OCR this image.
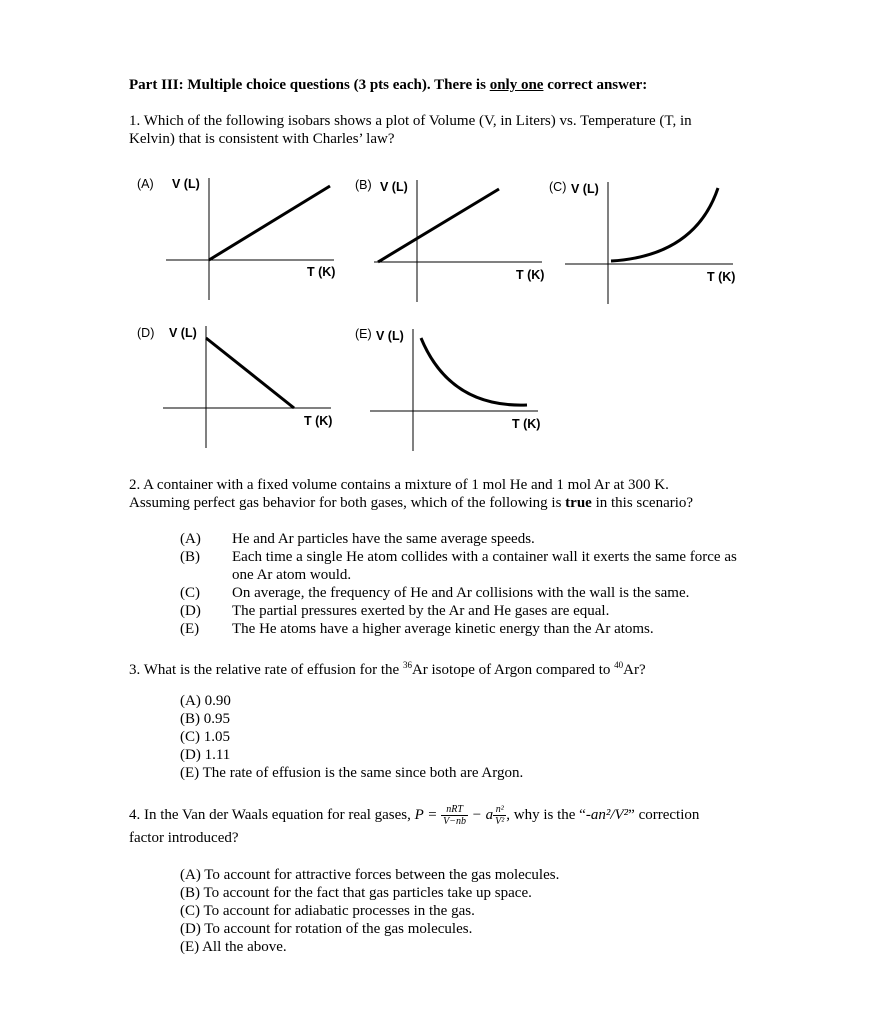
Part III: Multiple choice questions (3 pts each). There is only one correct answer:
1. Which of the following isobars shows a plot of Volume (V, in Liters) vs. Temperature (T, in
Kelvin) that is consistent with Charles’ law?
(A) V (L)
T (K)
(B) V (L)
T (K)
(C) V (L)
T (K)
(D) V (L)
T (K)
(E) V (L)
T (K)
2. A container with a fixed volume contains a mixture of 1 mol He and 1 mol Ar at 300 K.
Assuming perfect gas behavior for both gases, which of the following is true in this scenario?
(A)	He and Ar particles have the same average speeds.
(B)	Each time a single He atom collides with a container wall it exerts the same force as one Ar atom would.
(C)	On average, the frequency of He and Ar collisions with the wall is the same.
(D)	The partial pressures exerted by the Ar and He gases are equal.
(E)	The He atoms have a higher average kinetic energy than the Ar atoms.
3. What is the relative rate of effusion for the $^{36}$Ar isotope of Argon compared to $^{40}$Ar?
(A) 0.90
(B) 0.95
(C) 1.05
(D) 1.11
(E) The rate of effusion is the same since both are Argon.
4. In the Van der Waals equation for real gases, $P = \frac{\text{nRT}}{V-nb} - a \frac{\text{n²}}{\text{V²}}$ , why is the “-an²/V²” correction
factor introduced?
(A) To account for attractive forces between the gas molecules.
(B) To account for the fact that gas particles take up space.
(C) To account for adiabatic processes in the gas.
(D) To account for rotation of the gas molecules.
(E) All the above.
